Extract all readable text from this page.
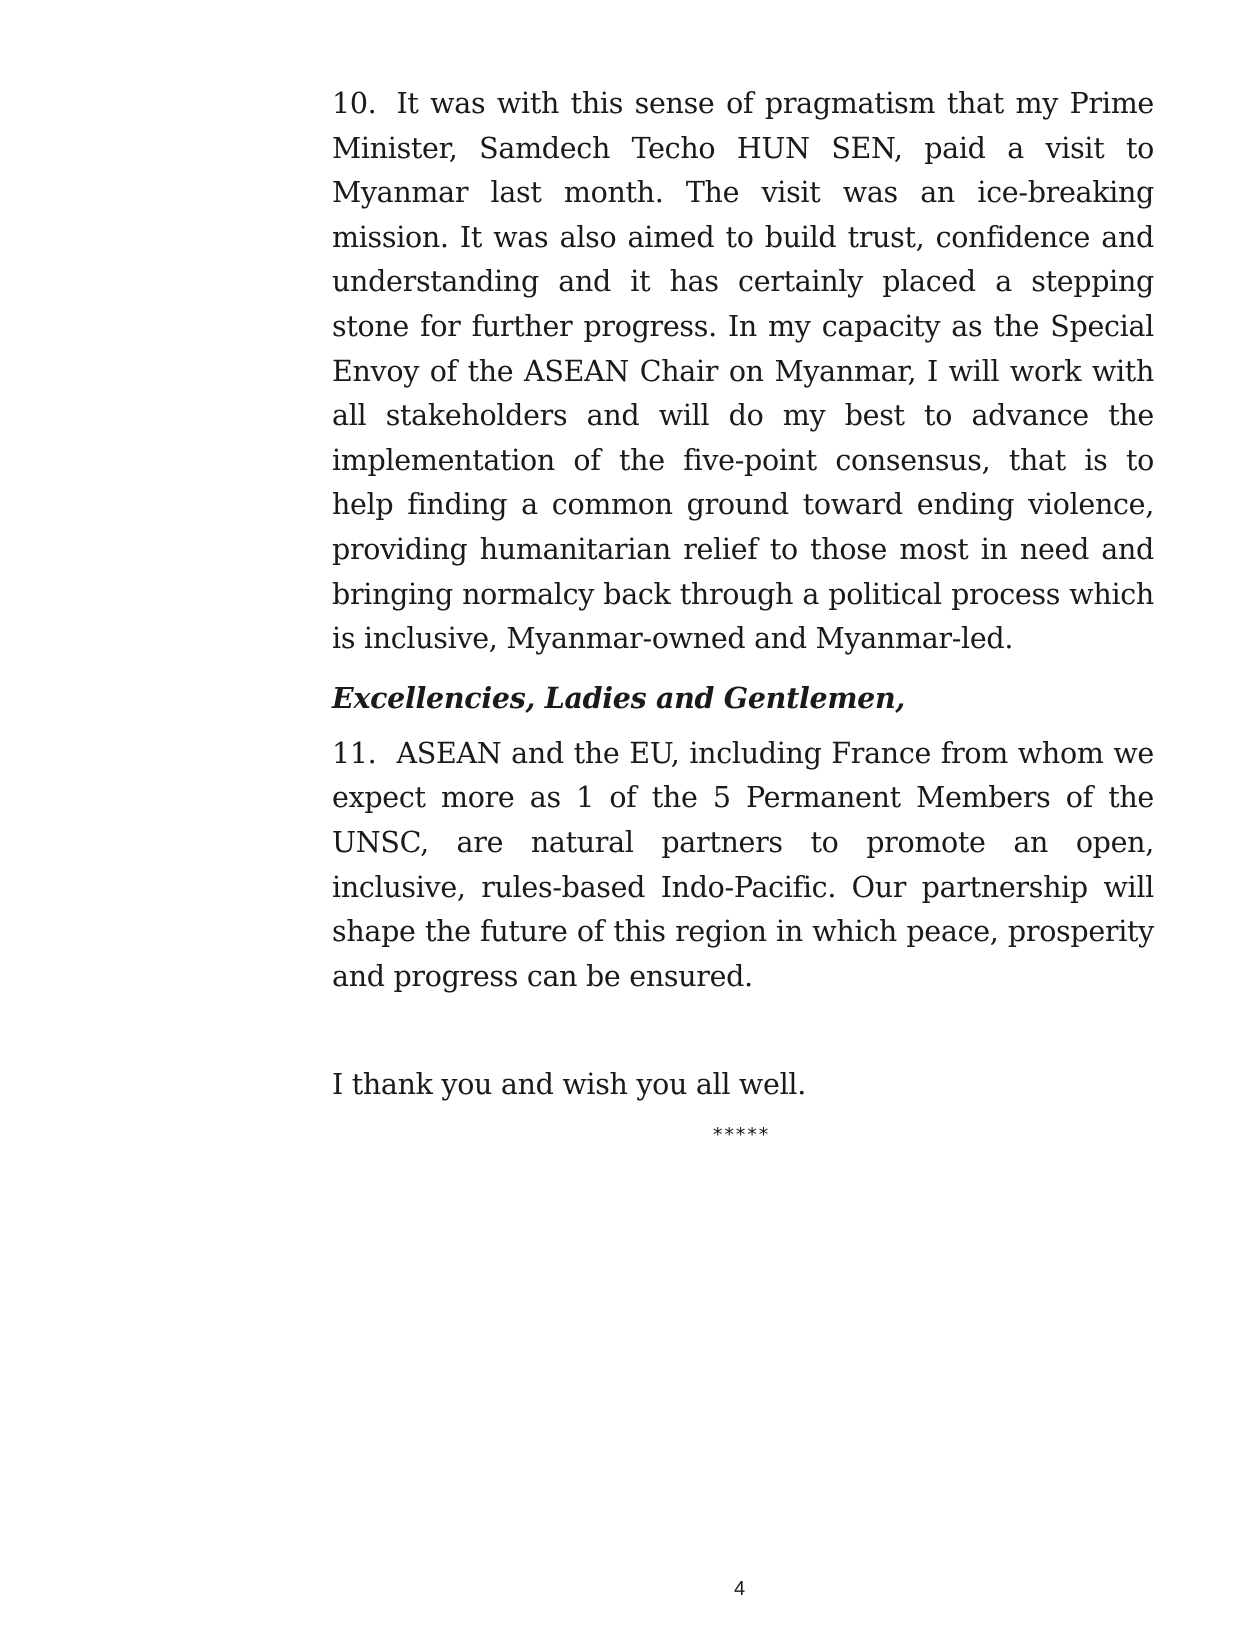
10. It was with this sense of pragmatism that my Prime Minister, Samdech Techo HUN SEN, paid a visit to Myanmar last month. The visit was an ice-breaking mission. It was also aimed to build trust, confidence and understanding and it has certainly placed a stepping stone for further progress. In my capacity as the Special Envoy of the ASEAN Chair on Myanmar, I will work with all stakeholders and will do my best to advance the implementation of the five-point consensus, that is to help finding a common ground toward ending violence, providing humanitarian relief to those most in need and bringing normalcy back through a political process which is inclusive, Myanmar-owned and Myanmar-led.

Excellencies, Ladies and Gentlemen,

11. ASEAN and the EU, including France from whom we expect more as 1 of the 5 Permanent Members of the UNSC, are natural partners to promote an open, inclusive, rules-based Indo-Pacific. Our partnership will shape the future of this region in which peace, prosperity and progress can be ensured.

I thank you and wish you all well.

*****
4
